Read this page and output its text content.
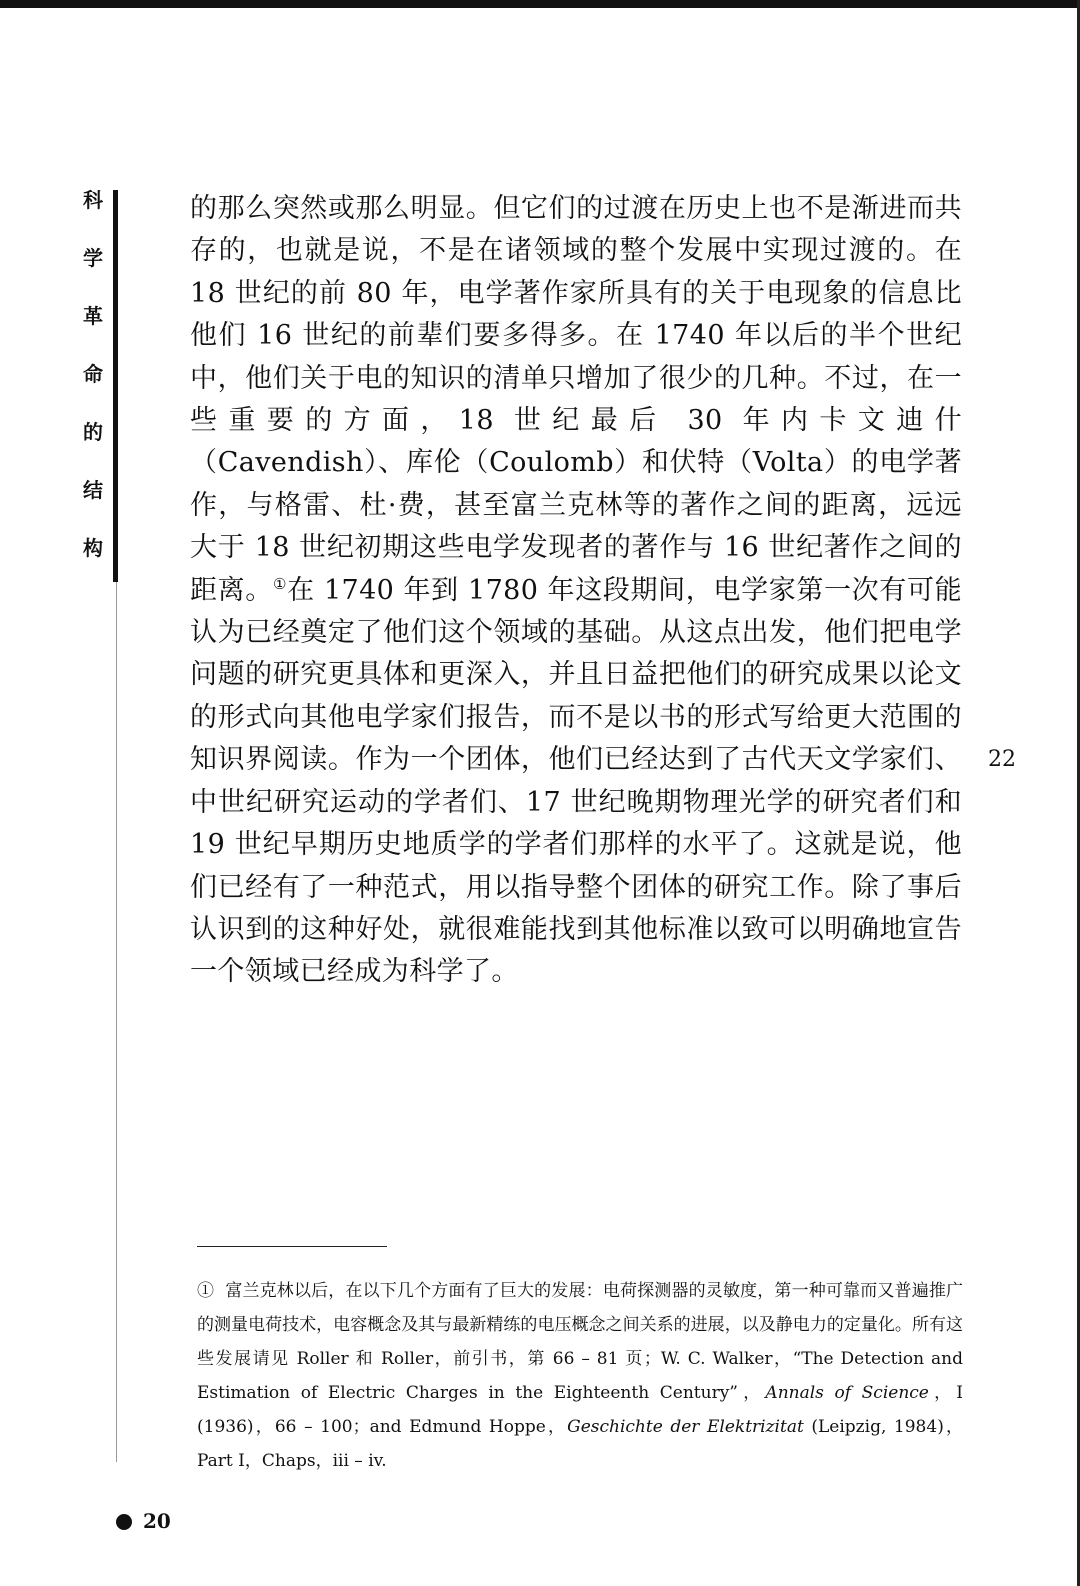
科
学
革
命
的
结
构

的那么突然或那么明显。但它们的过渡在历史上也不是渐进而共存的，也就是说，不是在诸领域的整个发展中实现过渡的。在 18 世纪的前 80 年，电学著作家所具有的关于电现象的信息比他们 16 世纪的前辈们要多得多。在 1740 年以后的半个世纪中，他们关于电的知识的清单只增加了很少的几种。不过，在一些重要的方面，18 世纪最后 30 年内卡文迪什（Cavendish）、库伦（Coulomb）和伏特（Volta）的电学著作，与格雷、杜·费，甚至富兰克林等的著作之间的距离，远远大于 18 世纪初期这些电学发现者的著作与 16 世纪著作之间的距离。①在 1740 年到 1780 年这段期间，电学家第一次有可能认为已经奠定了他们这个领域的基础。从这点出发，他们把电学问题的研究更具体和更深入，并且日益把他们的研究成果以论文的形式向其他电学家们报告，而不是以书的形式写给更大范围的知识界阅读。作为一个团体，他们已经达到了古代天文学家们、中世纪研究运动的学者们、17 世纪晚期物理光学的研究者们和 19 世纪早期历史地质学的学者们那样的水平了。这就是说，他们已经有了一种范式，用以指导整个团体的研究工作。除了事后认识到的这种好处，就很难能找到其他标准以致可以明确地宣告一个领域已经成为科学了。

22

① 富兰克林以后，在以下几个方面有了巨大的发展：电荷探测器的灵敏度，第一种可靠而又普遍推广的测量电荷技术，电容概念及其与最新精练的电压概念之间关系的进展，以及静电力的定量化。所有这些发展请见 Roller 和 Roller，前引书，第 66 – 81 页；W. C. Walker，“The Detection and Estimation of Electric Charges in the Eighteenth Century”，Annals of Science，I (1936)，66 – 100；and Edmund Hoppe，Geschichte der Elektrizitat (Leipzig, 1984)，Part I，Chaps，iii – iv.

20
